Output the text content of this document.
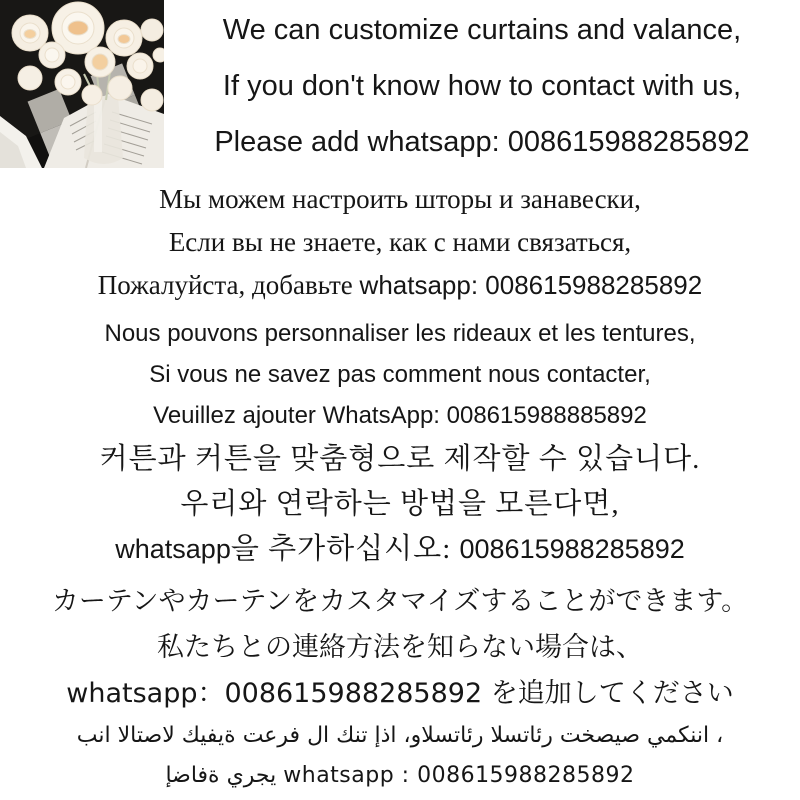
We can customize curtains and valance,
If you don't know how to contact with us,
Please add whatsapp: 008615988285892
Мы можем настроить шторы и занавески,
Если вы не знаете, как с нами связаться,
Пожалуйста, добавьте whatsapp: 008615988285892
Nous pouvons personnaliser les rideaux et les tentures,
Si vous ne savez pas comment nous contacter,
Veuillez ajouter WhatsApp: 008615988885892
커튼과 커튼을 맞춤형으로 제작할 수 있습니다.
우리와 연락하는 방법을 모른다면,
whatsapp을 추가하십시오: 008615988285892
カーテンやカーテンをカスタマイズすることができます。
私たちとの連絡方法を知らない場合は、
whatsapp：008615988285892 を追加してください
اننكمي صيصخت رئاتسلا رئاتسلاو، اذإ تنك ال فرعت ةيفيك لاصتالا انب ،
يجري ةفاضإ whatsapp : 008615988285892
